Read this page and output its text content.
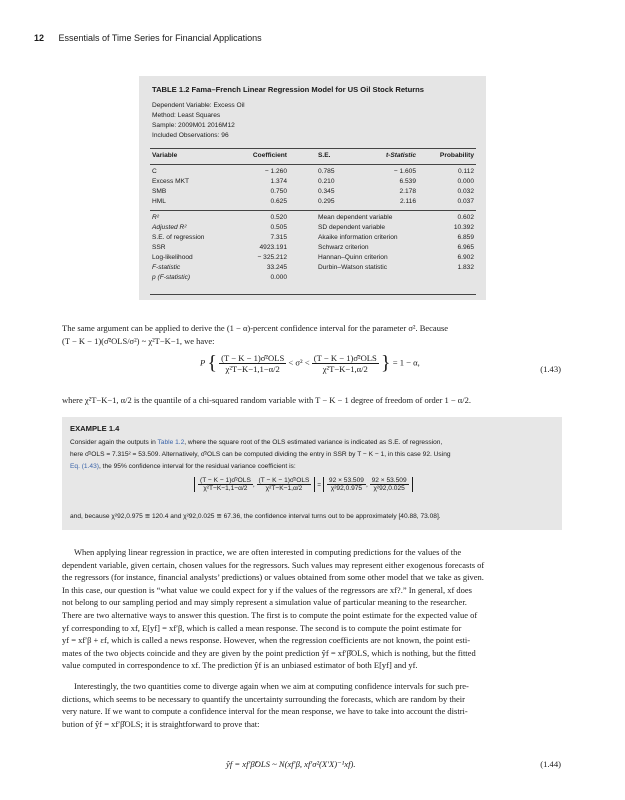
12 Essentials of Time Series for Financial Applications
TABLE 1.2 Fama–French Linear Regression Model for US Oil Stock Returns
Dependent Variable: Excess Oil
Method: Least Squares
Sample: 2009M01 2016M12
Included Observations: 96
Variable	Coefficient	S.E.	t-Statistic	Probability
The same argument can be applied to derive the (1 − α)-percent confidence interval for the parameter σ². Because
(T − K − 1)(σ̂²OLS/σ²) ~ χ²T−K−1, we have:
P { $\frac{\text{(T − K − 1)σ̂²OLS}}{\text{χ²T−K−1,1−α/2}} < \sigma^2 < \frac{\text{(T − K − 1)σ̂²OLS}}{\text{χ²T−K−1,α/2}}$ } = 1 − α,
(1.43)
where χ²T−K−1, α/2 is the quantile of a chi-squared random variable with T − K − 1 degree of freedom of order 1 − α/2.
EXAMPLE 1.4
Consider again the outputs in Table 1.2, where the square root of the OLS estimated variance is indicated as S.E. of regression,
here σ̂²OLS = 7.315² = 53.509. Alternatively, σ̂²OLS can be computed dividing the entry in SSR by T − K − 1, in this case 92. Using
Eq. (1.43), the 95% confidence interval for the residual variance coefficient is:
$\frac{\text{(T − K − 1)σ̂²OLS}}{\text{χ²T−K−1,1−α/2}}$ , $\frac{\text{(T − K − 1)σ̂²OLS}}{\text{χ²T−K−1,α/2}} = \frac{92 \times 53.509}{\text{χ²92,0.975}}$ , $\frac{92 \times 53.509}{\text{χ²92,0.025}}$
and, because χ²92,0.975 ≅ 120.4 and χ²92,0.025 ≅ 67.36, the confidence interval turns out to be approximately [40.88, 73.08].
When applying linear regression in practice, we are often interested in computing predictions for the values of the
dependent variable, given certain, chosen values for the regressors. Such values may represent either exogenous forecasts of
the regressors (for instance, financial analysts’ predictions) or values obtained from some other model that we take as given.
In this case, our question is “what value we could expect for y if the values of the regressors are xf?.” In general, xf does
not belong to our sampling period and may simply represent a simulation value of particular meaning to the researcher.
There are two alternative ways to answer this question. The first is to compute the point estimate for the expected value of
yf corresponding to xf, E[yf] = xf′β, which is called a mean response. The second is to compute the point estimate for
yf = xf′β + εf, which is called a news response. However, when the regression coefficients are not known, the point esti-
mates of the two objects coincide and they are given by the point prediction ŷf = xf′β̂OLS, which is nothing, but the fitted
value computed in correspondence to xf. The prediction ŷf is an unbiased estimator of both E[yf] and yf.
Interestingly, the two quantities come to diverge again when we aim at computing confidence intervals for such pre-
dictions, which seems to be necessary to quantify the uncertainty surrounding the forecasts, which are random by their
very nature. If we want to compute a confidence interval for the mean response, we have to take into account the distri-
bution of ŷf = xf′β̂OLS; it is straightforward to prove that:
ŷf = xf′β̂OLS ~ N(xf′β, xf′σ²(X′X)⁻¹xf).	(1.44)
C	− 1.260	0.785	− 1.605	0.112
Excess MKT	1.374	0.210	6.539	0.000
SMB	0.750	0.345	2.178	0.032
HML	0.625	0.295	2.116	0.037
R²	0.520	Mean dependent variable	0.602
Adjusted R²	0.505	SD dependent variable	10.392
S.E. of regression	7.315	Akaike information criterion	6.859
SSR	4923.191	Schwarz criterion	6.965
Log-likelihood	− 325.212	Hannan–Quinn criterion	6.902
F-statistic	33.245	Durbin–Watson statistic	1.832
p (F-statistic)	0.000
